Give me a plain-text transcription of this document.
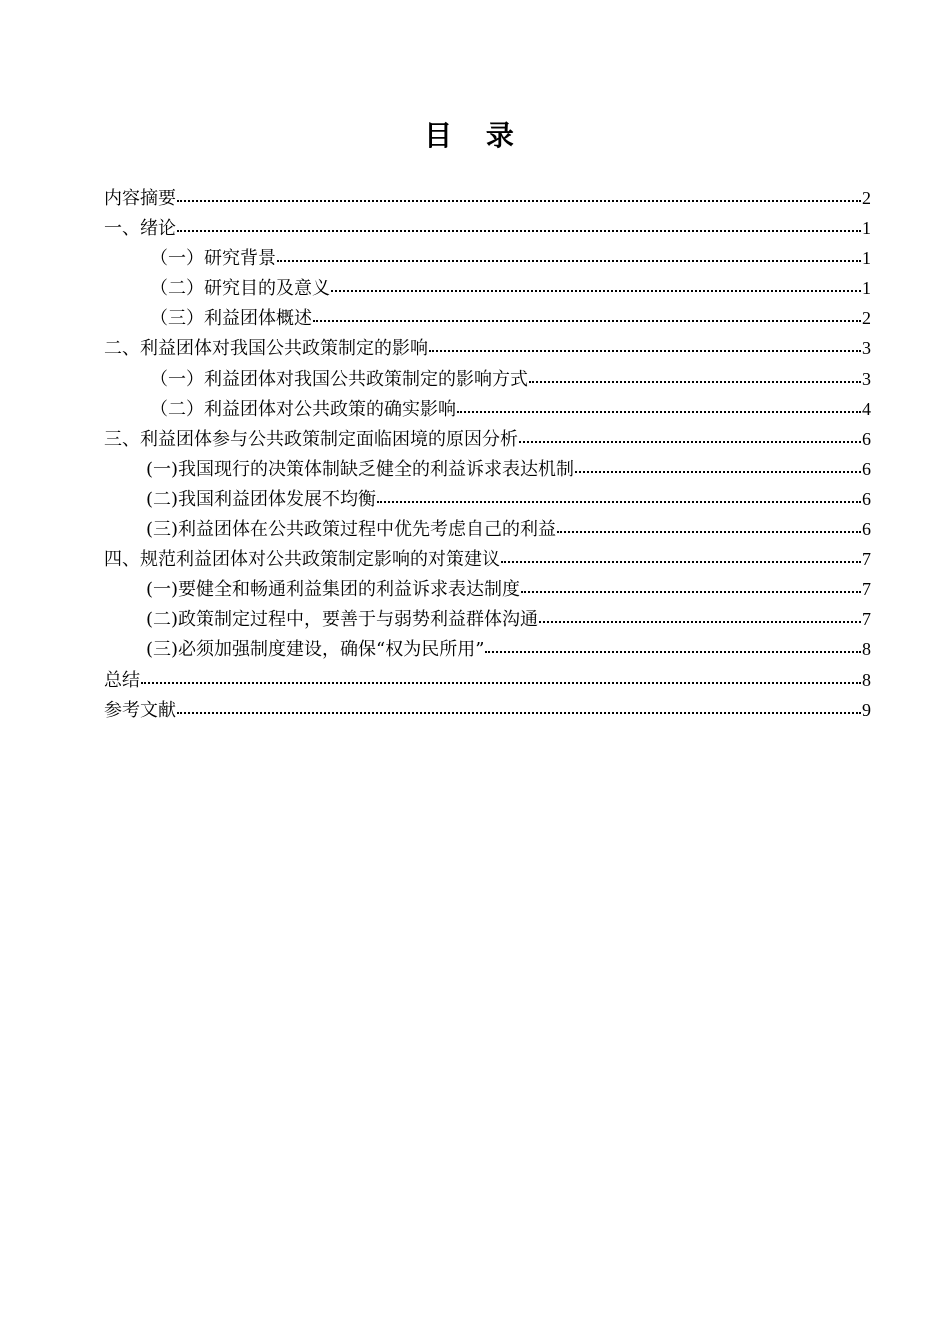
目 录
内容摘要	2
一、绪论	1
（一）研究背景	1
（二）研究目的及意义	1
（三）利益团体概述	2
二、利益团体对我国公共政策制定的影响	3
（一）利益团体对我国公共政策制定的影响方式	3
（二）利益团体对公共政策的确实影响	4
三、利益团体参与公共政策制定面临困境的原因分析	6
(一)我国现行的决策体制缺乏健全的利益诉求表达机制	6
(二)我国利益团体发展不均衡	6
(三)利益团体在公共政策过程中优先考虑自己的利益	6
四、规范利益团体对公共政策制定影响的对策建议	7
(一)要健全和畅通利益集团的利益诉求表达制度	7
(二)政策制定过程中，要善于与弱势利益群体沟通	7
(三)必须加强制度建设，确保“权为民所用”	8
总结	8
参考文献	9
